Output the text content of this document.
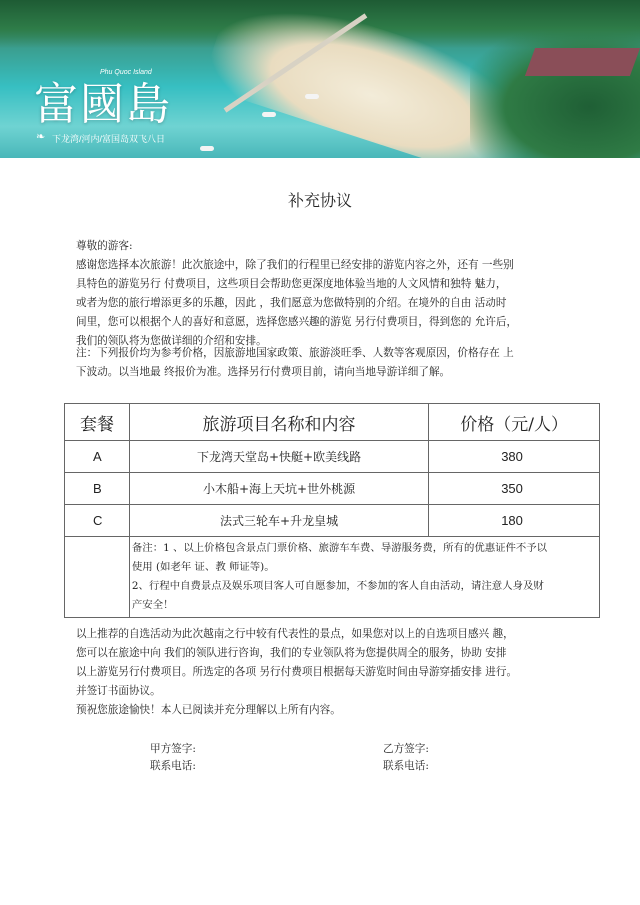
富國島
Phu Quoc Island
❧ 下龙湾/河内/富国岛双飞八日
补充协议

尊敬的游客:

感谢您选择本次旅游！此次旅途中，除了我们的行程里已经安排的游览内容之外，还有 一些别

具特色的游览另行 付费项目，这些项目会帮助您更深度地体验当地的人文风情和独特 魅力，

或者为您的旅行增添更多的乐趣，因此 ，我们愿意为您做特别的介绍。在境外的自由 活动时

间里，您可以根据个人的喜好和意愿，选择您感兴趣的游览 另行付费项目，得到您的 允许后，

我们的领队将为您做详细的介绍和安排。

注：下列报价均为参考价格，因旅游地国家政策、旅游淡旺季、人数等客观原因，价格存在 上

下波动。以当地最 终报价为准。选择另行付费项目前，请向当地导游详细了解。

套餐	旅游项目名称和内容	价格（元/人）
A	下龙湾天堂岛+快艇+欧美线路	380
B	小木船+海上天坑+世外桃源	350
C	法式三轮车+升龙皇城	180

	备注：1 、以上价格包含景点门票价格、旅游车车费、导游服务费，所有的优惠证件不予以

使用 (如老年 证、教 师证等)。

2、行程中自费景点及娱乐项目客人可自愿参加，不参加的客人自由活动，请注意人身及财

产安全！	

以上推荐的自选活动为此次越南之行中较有代表性的景点，如果您对以上的自选项目感兴 趣，

您可以在旅途中向 我们的领队进行咨询，我们的专业领队将为您提供周全的服务，协助 安排

以上游览另行付费项目。所选定的各项 另行付费项目根据每天游览时间由导游穿插安排 进行。

并签订书面协议。

预祝您旅途愉快！本人已阅读并充分理解以上所有内容。

甲方签字:

联系电话:

乙方签字:

联系电话:
